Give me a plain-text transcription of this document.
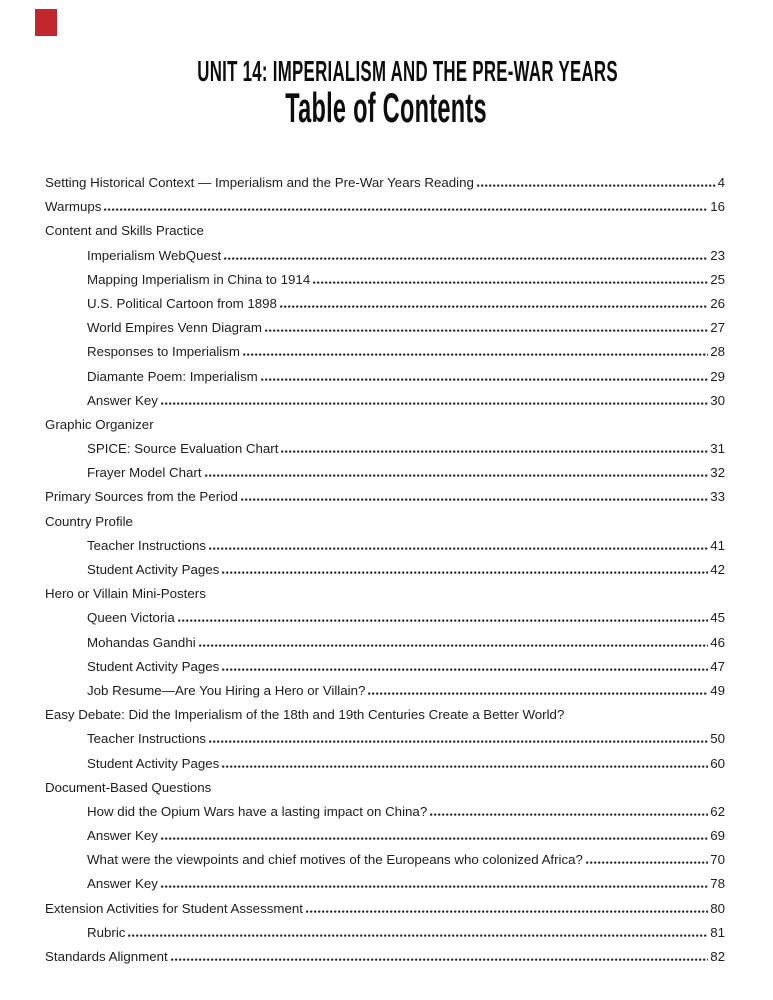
UNIT 14: IMPERIALISM AND THE PRE-WAR YEARS
Table of Contents
Setting Historical Context — Imperialism and the Pre-War Years Reading	4
Warmups	16
Content and Skills Practice
Imperialism WebQuest	23
Mapping Imperialism in China to 1914	25
U.S. Political Cartoon from 1898	26
World Empires Venn Diagram	27
Responses to Imperialism	28
Diamante Poem: Imperialism	29
Answer Key	30
Graphic Organizer
SPICE: Source Evaluation Chart	31
Frayer Model Chart	32
Primary Sources from the Period	33
Country Profile
Teacher Instructions	41
Student Activity Pages	42
Hero or Villain Mini-Posters
Queen Victoria	45
Mohandas Gandhi	46
Student Activity Pages	47
Job Resume—Are You Hiring a Hero or Villain?	49
Easy Debate: Did the Imperialism of the 18th and 19th Centuries Create a Better World?
Teacher Instructions	50
Student Activity Pages	60
Document-Based Questions
How did the Opium Wars have a lasting impact on China?	62
Answer Key	69
What were the viewpoints and chief motives of the Europeans who colonized Africa?	70
Answer Key	78
Extension Activities for Student Assessment	80
Rubric	81
Standards Alignment	82
